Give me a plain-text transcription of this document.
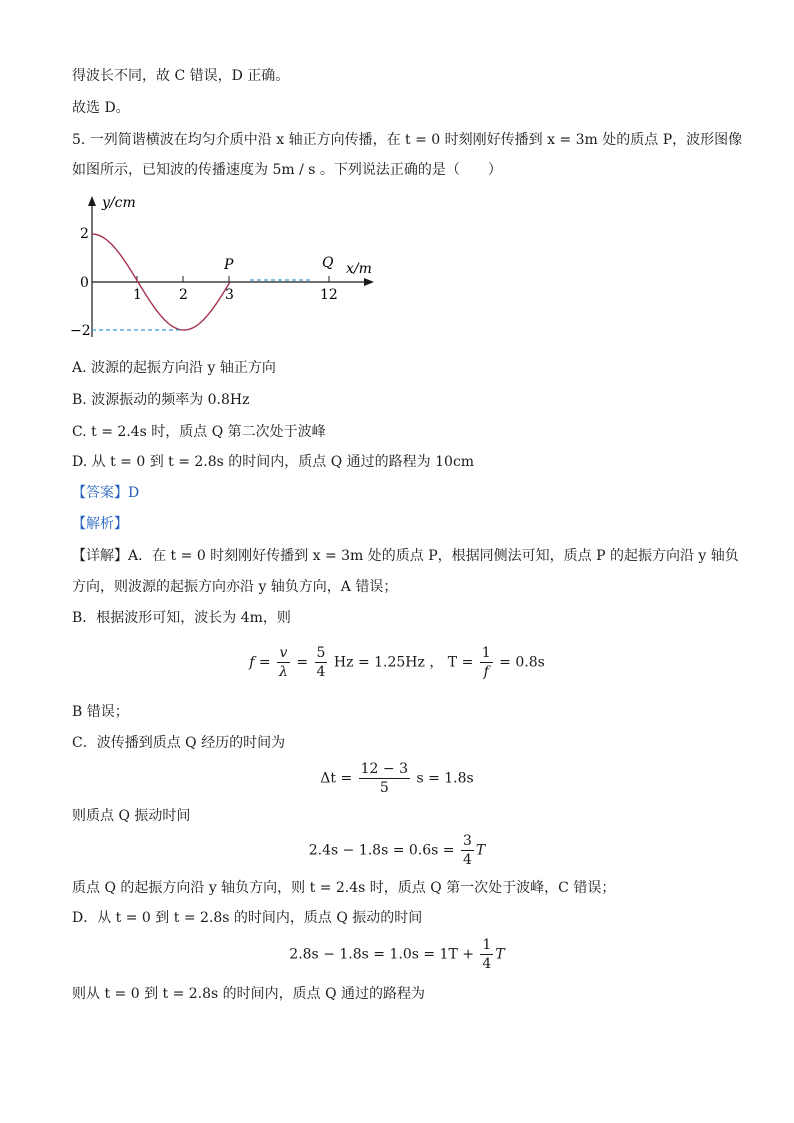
得波长不同，故 C 错误，D 正确。
故选 D。
5. 一列简谐横波在均匀介质中沿 x 轴正方向传播，在 t = 0 时刻刚好传播到 x = 3m 处的质点 P，波形图像
如图所示，已知波的传播速度为 5m / s 。下列说法正确的是（　　）
y/cm
x/m
2
0
−2
1	2	3	12
P	Q
A. 波源的起振方向沿 y 轴正方向
B. 波源振动的频率为 0.8Hz
C. t = 2.4s 时，质点 Q 第二次处于波峰
D. 从 t = 0 到 t = 2.8s 的时间内，质点 Q 通过的路程为 10cm
【答案】D
【解析】
【详解】A．在 t = 0 时刻刚好传播到 x = 3m 处的质点 P，根据同侧法可知，质点 P 的起振方向沿 y 轴负
方向，则波源的起振方向亦沿 y 轴负方向，A 错误；
B．根据波形可知，波长为 4m，则
$f = \frac{v}{\lambda} = \frac{5}{4}$ Hz = 1.25Hz ， $T = \frac{1}{f} = 0.8s$
B 错误；
C．波传播到质点 Q 经历的时间为
$\Delta t = \frac{12 - 3}{5}$ s = 1.8s
则质点 Q 振动时间
$2.4s - 1.8s = 0.6s = \frac{3}{4}$ T
质点 Q 的起振方向沿 y 轴负方向，则 t = 2.4s 时，质点 Q 第一次处于波峰，C 错误；
D．从 t = 0 到 t = 2.8s 的时间内，质点 Q 振动的时间
$2.8s - 1.8s = 1.0s = 1T + \frac{1}{4}$ T
则从 t = 0 到 t = 2.8s 的时间内，质点 Q 通过的路程为
